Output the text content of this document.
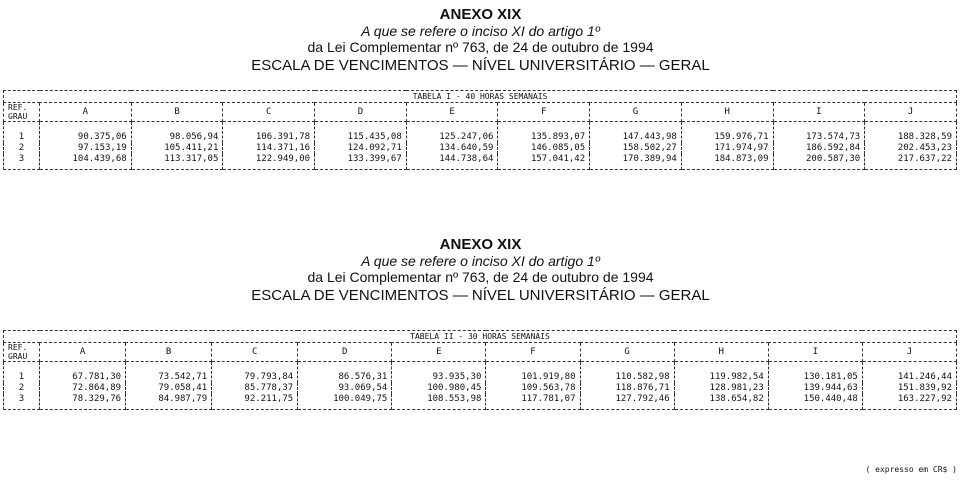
ANEXO XIX
A que se refere o inciso XI do artigo 1º
da Lei Complementar nº 763, de 24 de outubro de 1994
ESCALA DE VENCIMENTOS — NÍVEL UNIVERSITÁRIO — GERAL
TABELA I - 40 HORAS SEMANAIS										
REF.
GRAU	A	B	C	D	E	F	G	H	I	J
1	90.375,06	98.056,94	106.391,78	115.435,08	125.247,06	135.893,07	147.443,98	159.976,71	173.574,73	188.328,59
2	97.153,19	105.411,21	114.371,16	124.092,71	134.640,59	146.085,05	158.502,27	171.974,97	186.592,84	202.453,23
3	104.439,68	113.317,05	122.949,00	133.399,67	144.738,64	157.041,42	170.389,94	184.873,09	200.587,30	217.637,22
ANEXO XIX
A que se refere o inciso XI do artigo 1º
da Lei Complementar nº 763, de 24 de outubro de 1994
ESCALA DE VENCIMENTOS — NÍVEL UNIVERSITÁRIO — GERAL
TABELA II - 30 HORAS SEMANAIS										
REF.
GRAU	A	B	C	D	E	F	G	H	I	J
1	67.781,30	73.542,71	79.793,84	86.576,31	93.935,30	101.919,80	110.582,98	119.982,54	130.181,05	141.246,44
2	72.864,89	79.058,41	85.778,37	93.069,54	100.980,45	109.563,78	118.876,71	128.981,23	139.944,63	151.839,92
3	78.329,76	84.987,79	92.211,75	100.049,75	108.553,98	117.781,07	127.792,46	138.654,82	150.440,48	163.227,92
( expresso em CR$ )
